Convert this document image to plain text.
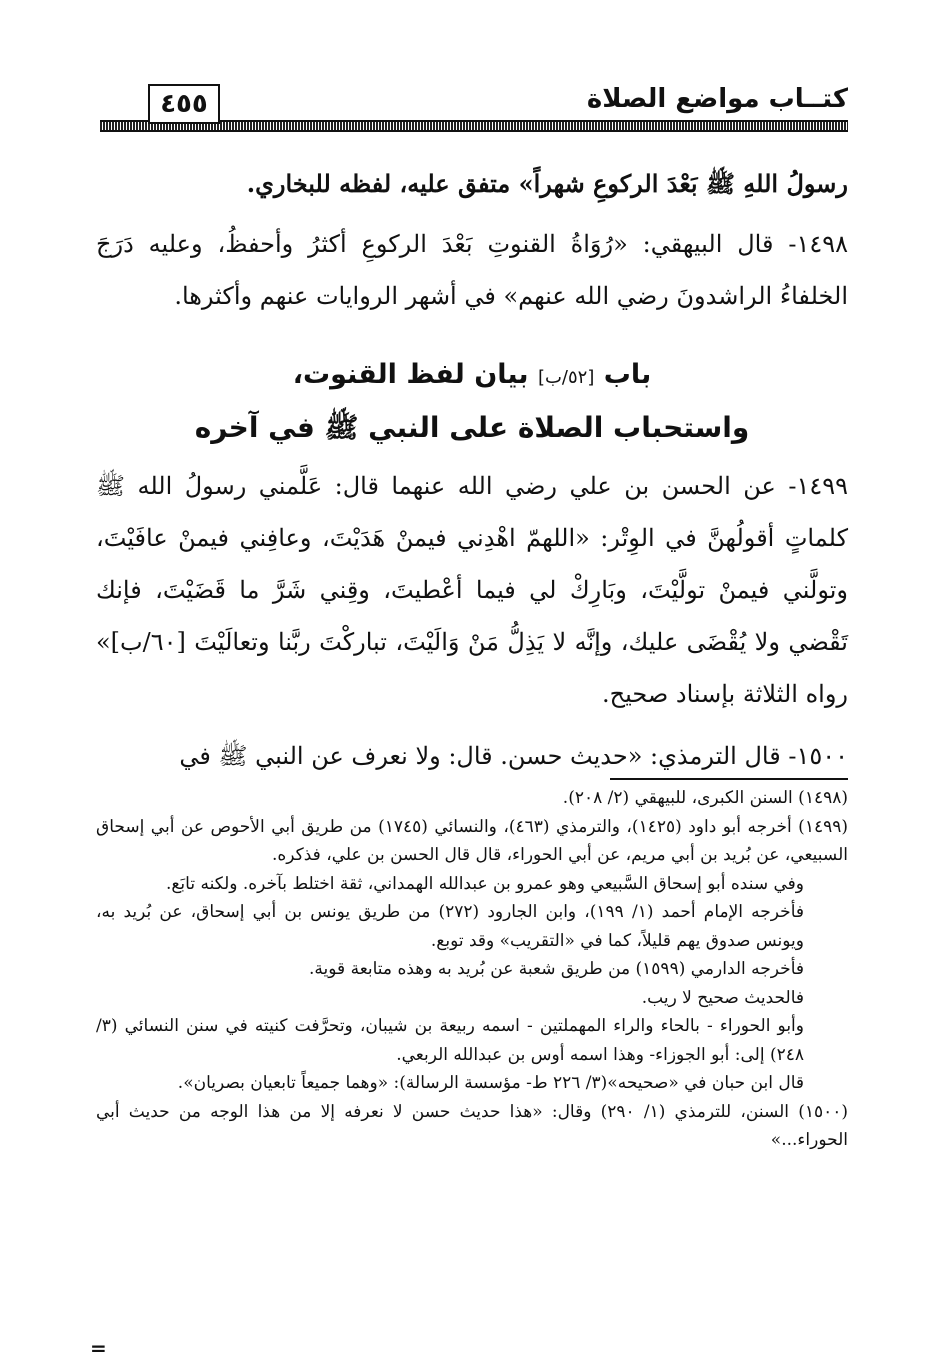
كتــاب مواضع الصلاة
٤٥٥

رسولُ اللهِ ﷺ بَعْدَ الركوعِ شهراً» متفق عليه، لفظه للبخاري.

١٤٩٨- قال البيهقي: «رُوَاةُ القنوتِ بَعْدَ الركوعِ أكثرُ وأحفظُ، وعليه دَرَجَ الخلفاءُ الراشدونَ رضي الله عنهم» في أشهر الروايات عنهم وأكثرها.

باب [٥٢/ب] بيان لفظ القنوت،
واستحباب الصلاة على النبي ﷺ في آخره

١٤٩٩- عن الحسن بن علي رضي الله عنهما قال: عَلَّمني رسولُ الله ﷺ كلماتٍ أقولُهنَّ في الوِتْر: «اللهمّ اهْدِني فيمنْ هَدَيْتَ، وعافِني فيمنْ عافَيْتَ، وتولَّني فيمنْ تولَّيْتَ، وبَارِكْ لي فيما أعْطيتَ، وقِني شَرَّ ما قَضَيْتَ، فإنك تَقْضي ولا يُقْضَى عليك، وإنَّه لا يَذِلُّ مَنْ وَالَيْتَ، تباركْتَ ربَّنا وتعالَيْتَ [٦٠/ب]» رواه الثلاثة بإسناد صحيح.

١٥٠٠- قال الترمذي: «حديث حسن. قال: ولا نعرف عن النبي ﷺ في

(١٤٩٨) السنن الكبرى، للبيهقي (٢/ ٢٠٨).

(١٤٩٩) أخرجه أبو داود (١٤٢٥)، والترمذي (٤٦٣)، والنسائي (١٧٤٥) من طريق أبي الأحوص عن أبي إسحاق السبيعي، عن بُريد بن أبي مريم، عن أبي الحوراء، قال قال الحسن بن علي، فذكره.

وفي سنده أبو إسحاق السَّبيعي وهو عمرو بن عبدالله الهمداني، ثقة اختلط بآخره. ولكنه تابَع.

فأخرجه الإمام أحمد (١/ ١٩٩)، وابن الجارود (٢٧٢) من طريق يونس بن أبي إسحاق، عن بُريد به، ويونس صدوق يهم قليلاً، كما في «التقريب» وقد توبع.

فأخرجه الدارمي (١٥٩٩) من طريق شعبة عن بُريد به وهذه متابعة قوية.

فالحديث صحيح لا ريب.

وأبو الحوراء - بالحاء والراء المهملتين - اسمه ربيعة بن شيبان، وتحرَّفت كنيته في سنن النسائي (٣/ ٢٤٨) إلى: أبو الجوزاء- وهذا اسمه أوس بن عبدالله الربعي.

قال ابن حبان في «صحيحه»(٣/ ٢٢٦ ط- مؤسسة الرسالة): «وهما جميعاً تابعيان بصريان».

(١٥٠٠) السنن، للترمذي (١/ ٢٩٠) وقال: «هذا حديث حسن لا نعرفه إلا من هذا الوجه من حديث أبي الحوراء...»

=
